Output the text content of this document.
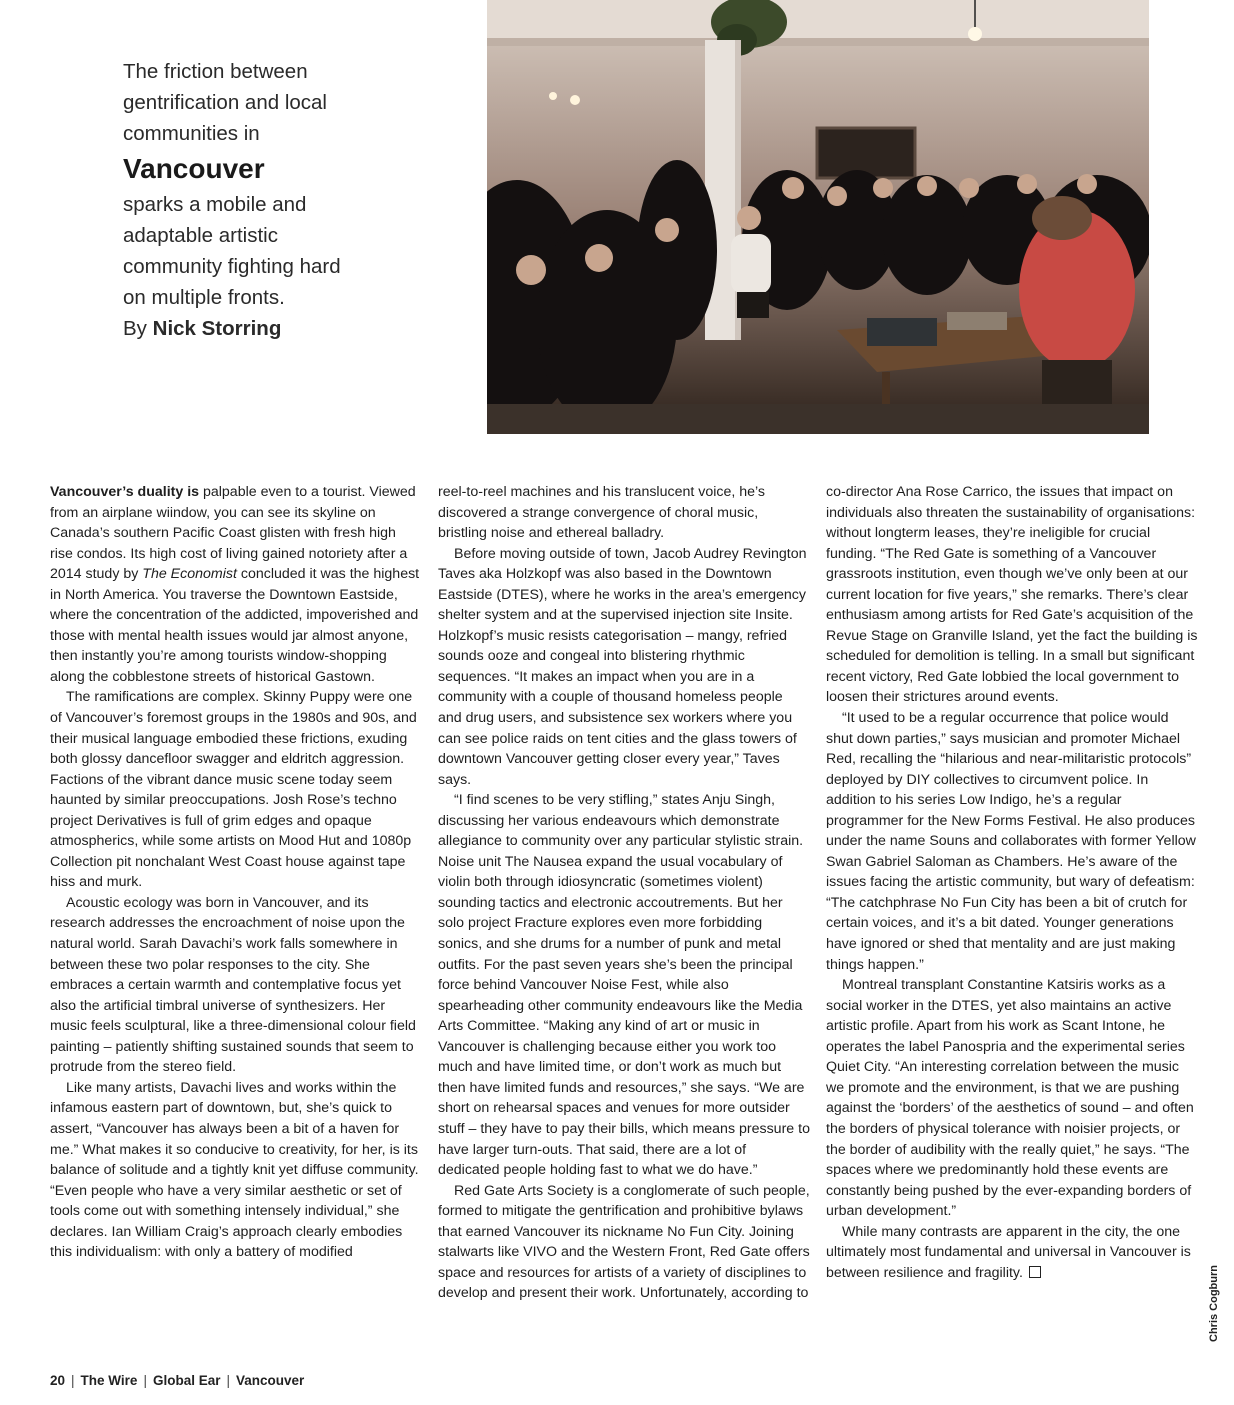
The friction between gentrification and local communities in
Vancouver
sparks a mobile and adaptable artistic community fighting hard on multiple fronts.
By Nick Storring
Chris Cogburn

Vancouver’s duality is palpable even to a tourist. Viewed from an airplane wiindow, you can see its skyline on Canada’s southern Pacific Coast glisten with fresh high rise condos. Its high cost of living gained notoriety after a 2014 study by The Economist concluded it was the highest in North America. You traverse the Downtown Eastside, where the concentration of the addicted, impoverished and those with mental health issues would jar almost anyone, then instantly you’re among tourists window-shopping along the cobblestone streets of historical Gastown.

The ramifications are complex. Skinny Puppy were one of Vancouver’s foremost groups in the 1980s and 90s, and their musical language embodied these frictions, exuding both glossy dancefloor swagger and eldritch aggression. Factions of the vibrant dance music scene today seem haunted by similar preoccupations. Josh Rose’s techno project Derivatives is full of grim edges and opaque atmospherics, while some artists on Mood Hut and 1080p Collection pit nonchalant West Coast house against tape hiss and murk.

Acoustic ecology was born in Vancouver, and its research addresses the encroachment of noise upon the natural world. Sarah Davachi’s work falls somewhere in between these two polar responses to the city. She embraces a certain warmth and contemplative focus yet also the artificial timbral universe of synthesizers. Her music feels sculptural, like a three-dimensional colour field painting – patiently shifting sustained sounds that seem to protrude from the stereo field.

Like many artists, Davachi lives and works within the infamous eastern part of downtown, but, she’s quick to assert, “Vancouver has always been a bit of a haven for me.” What makes it so conducive to creativity, for her, is its balance of solitude and a tightly knit yet diffuse community. “Even people who have a very similar aesthetic or set of tools come out with something intensely individual,” she declares. Ian William Craig’s approach clearly embodies this individualism: with only a battery of modified

reel-to-reel machines and his translucent voice, he’s discovered a strange convergence of choral music, bristling noise and ethereal balladry.

Before moving outside of town, Jacob Audrey Revington Taves aka Holzkopf was also based in the Downtown Eastside (DTES), where he works in the area’s emergency shelter system and at the supervised injection site Insite. Holzkopf’s music resists categorisation – mangy, refried sounds ooze and congeal into blistering rhythmic sequences. “It makes an impact when you are in a community with a couple of thousand homeless people and drug users, and subsistence sex workers where you can see police raids on tent cities and the glass towers of downtown Vancouver getting closer every year,” Taves says.

“I find scenes to be very stifling,” states Anju Singh, discussing her various endeavours which demonstrate allegiance to community over any particular stylistic strain. Noise unit The Nausea expand the usual vocabulary of violin both through idiosyncratic (sometimes violent) sounding tactics and electronic accoutrements. But her solo project Fracture explores even more forbidding sonics, and she drums for a number of punk and metal outfits. For the past seven years she’s been the principal force behind Vancouver Noise Fest, while also spearheading other community endeavours like the Media Arts Committee. “Making any kind of art or music in Vancouver is challenging because either you work too much and have limited time, or don’t work as much but then have limited funds and resources,” she says. “We are short on rehearsal spaces and venues for more outsider stuff – they have to pay their bills, which means pressure to have larger turn-outs. That said, there are a lot of dedicated people holding fast to what we do have.”

Red Gate Arts Society is a conglomerate of such people, formed to mitigate the gentrification and prohibitive bylaws that earned Vancouver its nickname No Fun City. Joining stalwarts like VIVO and the Western Front, Red Gate offers space and resources for artists of a variety of disciplines to develop and present their work. Unfortunately, according to

co-director Ana Rose Carrico, the issues that impact on individuals also threaten the sustainability of organisations: without longterm leases, they’re ineligible for crucial funding. “The Red Gate is something of a Vancouver grassroots institution, even though we’ve only been at our current location for five years,” she remarks. There’s clear enthusiasm among artists for Red Gate’s acquisition of the Revue Stage on Granville Island, yet the fact the building is scheduled for demolition is telling. In a small but significant recent victory, Red Gate lobbied the local government to loosen their strictures around events.

“It used to be a regular occurrence that police would shut down parties,” says musician and promoter Michael Red, recalling the “hilarious and near-militaristic protocols” deployed by DIY collectives to circumvent police. In addition to his series Low Indigo, he’s a regular programmer for the New Forms Festival. He also produces under the name Souns and collaborates with former Yellow Swan Gabriel Saloman as Chambers. He’s aware of the issues facing the artistic community, but wary of defeatism: “The catchphrase No Fun City has been a bit of crutch for certain voices, and it’s a bit dated. Younger generations have ignored or shed that mentality and are just making things happen.”

Montreal transplant Constantine Katsiris works as a social worker in the DTES, yet also maintains an active artistic profile. Apart from his work as Scant Intone, he operates the label Panospria and the experimental series Quiet City. “An interesting correlation between the music we promote and the environment, is that we are pushing against the ‘borders’ of the aesthetics of sound – and often the borders of physical tolerance with noisier projects, or the border of audibility with the really quiet,” he says. “The spaces where we predominantly hold these events are constantly being pushed by the ever-expanding borders of urban development.”

While many contrasts are apparent in the city, the one ultimately most fundamental and universal in Vancouver is between resilience and fragility.

20 | The Wire | Global Ear | Vancouver
